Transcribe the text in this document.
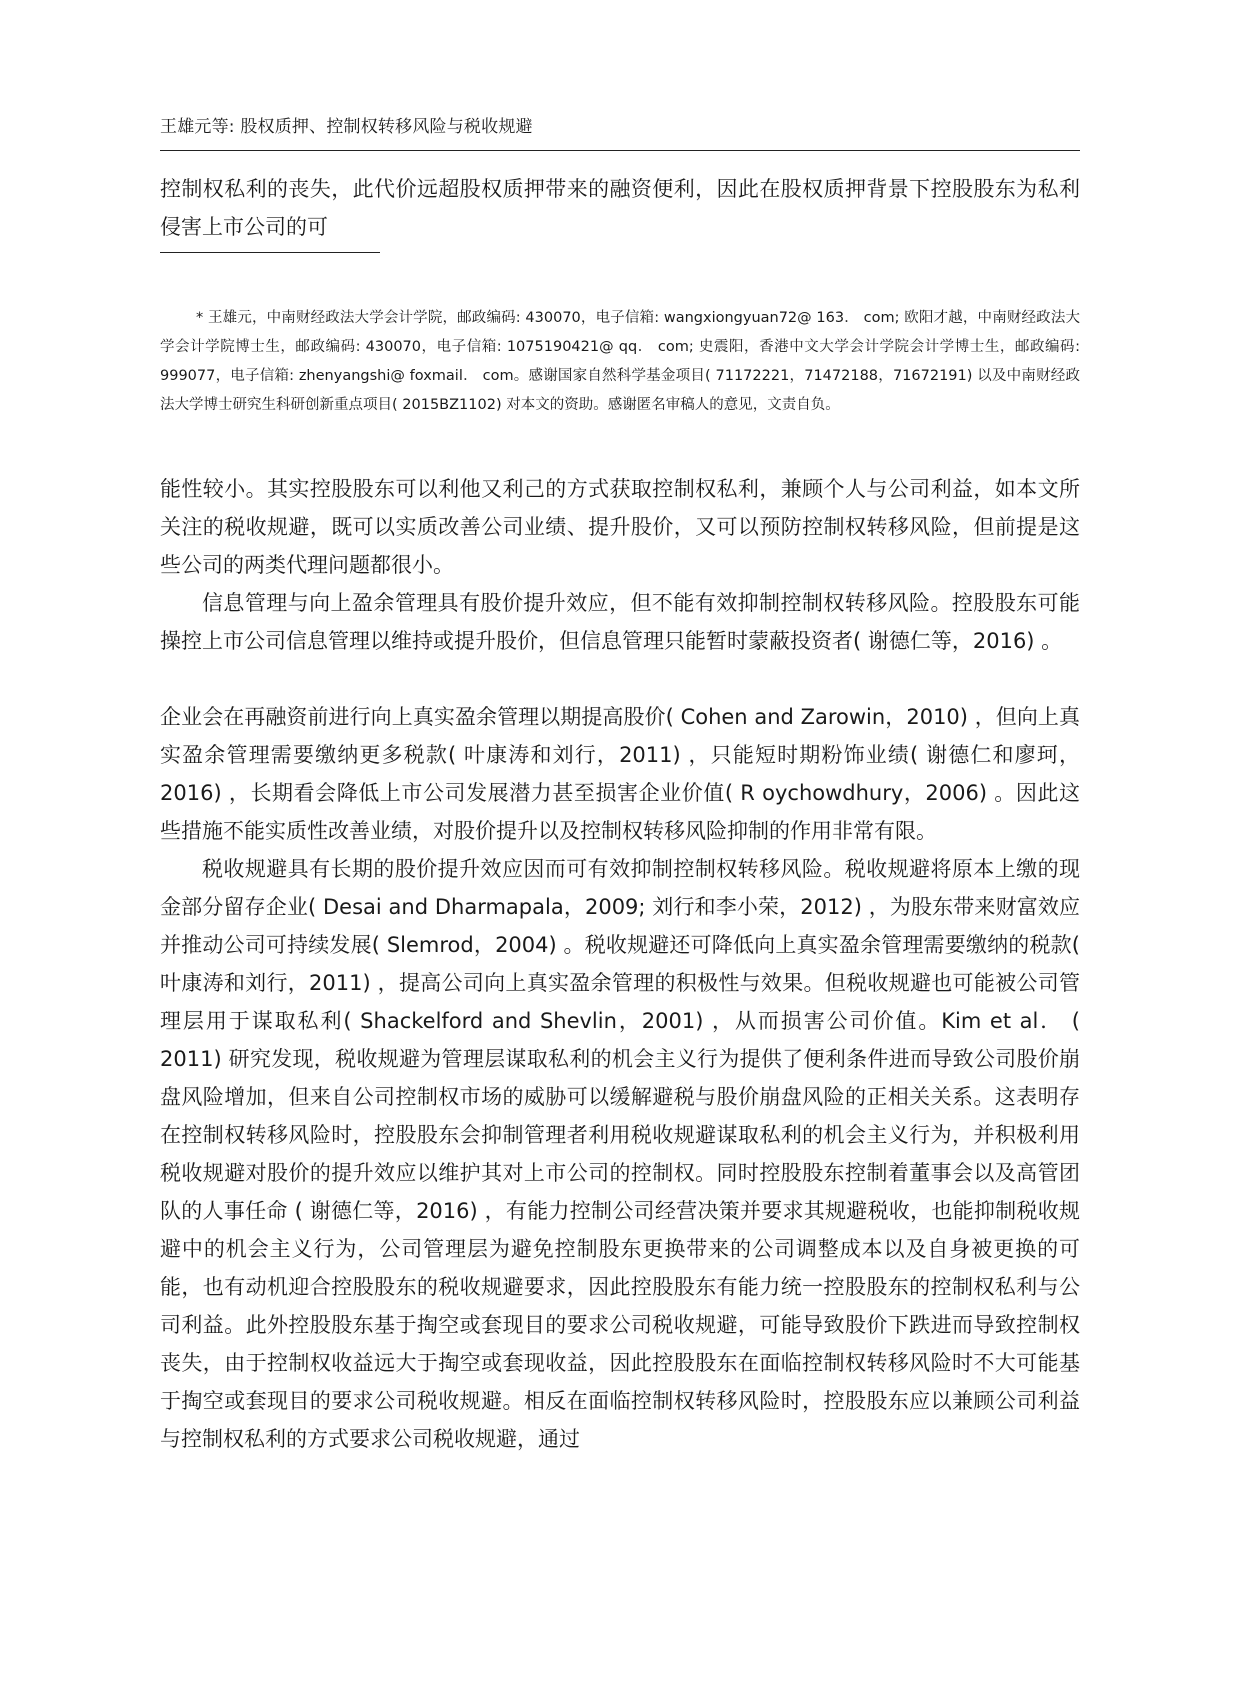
王雄元等: 股权质押、控制权转移风险与税收规避

控制权私利的丧失，此代价远超股权质押带来的融资便利，因此在股权质押背景下控股股东为私利侵害上市公司的可

* 王雄元，中南财经政法大学会计学院，邮政编码: 430070，电子信箱: wangxiongyuan72@ 163． com; 欧阳才越，中南财经政法大学会计学院博士生，邮政编码: 430070，电子信箱: 1075190421@ qq． com; 史震阳，香港中文大学会计学院会计学博士生，邮政编码: 999077，电子信箱: zhenyangshi@ foxmail． com。感谢国家自然科学基金项目( 71172221，71472188，71672191) 以及中南财经政法大学博士研究生科研创新重点项目( 2015BZ1102) 对本文的资助。感谢匿名审稿人的意见，文责自负。

能性较小。其实控股股东可以利他又利己的方式获取控制权私利，兼顾个人与公司利益，如本文所关注的税收规避，既可以实质改善公司业绩、提升股价，又可以预防控制权转移风险，但前提是这些公司的两类代理问题都很小。

信息管理与向上盈余管理具有股价提升效应，但不能有效抑制控制权转移风险。控股股东可能操控上市公司信息管理以维持或提升股价，但信息管理只能暂时蒙蔽投资者( 谢德仁等，2016) 。

企业会在再融资前进行向上真实盈余管理以期提高股价( Cohen and Zarowin，2010) ，但向上真实盈余管理需要缴纳更多税款( 叶康涛和刘行，2011) ，只能短时期粉饰业绩( 谢德仁和廖珂，2016) ，长期看会降低上市公司发展潜力甚至损害企业价值( R oychowdhury，2006) 。因此这些措施不能实质性改善业绩，对股价提升以及控制权转移风险抑制的作用非常有限。

税收规避具有长期的股价提升效应因而可有效抑制控制权转移风险。税收规避将原本上缴的现金部分留存企业( Desai and Dharmapala，2009; 刘行和李小荣，2012) ，为股东带来财富效应并推动公司可持续发展( Slemrod，2004) 。税收规避还可降低向上真实盈余管理需要缴纳的税款( 叶康涛和刘行，2011) ，提高公司向上真实盈余管理的积极性与效果。但税收规避也可能被公司管理层用于谋取私利( Shackelford and Shevlin，2001) ，从而损害公司价值。Kim et al． ( 2011) 研究发现，税收规避为管理层谋取私利的机会主义行为提供了便利条件进而导致公司股价崩盘风险增加，但来自公司控制权市场的威胁可以缓解避税与股价崩盘风险的正相关关系。这表明存在控制权转移风险时，控股股东会抑制管理者利用税收规避谋取私利的机会主义行为，并积极利用税收规避对股价的提升效应以维护其对上市公司的控制权。同时控股股东控制着董事会以及高管团队的人事任命 ( 谢德仁等，2016) ，有能力控制公司经营决策并要求其规避税收，也能抑制税收规避中的机会主义行为，公司管理层为避免控制股东更换带来的公司调整成本以及自身被更换的可能，也有动机迎合控股股东的税收规避要求，因此控股股东有能力统一控股股东的控制权私利与公司利益。此外控股股东基于掏空或套现目的要求公司税收规避，可能导致股价下跌进而导致控制权丧失，由于控制权收益远大于掏空或套现收益，因此控股股东在面临控制权转移风险时不大可能基于掏空或套现目的要求公司税收规避。相反在面临控制权转移风险时，控股股东应以兼顾公司利益与控制权私利的方式要求公司税收规避，通过
